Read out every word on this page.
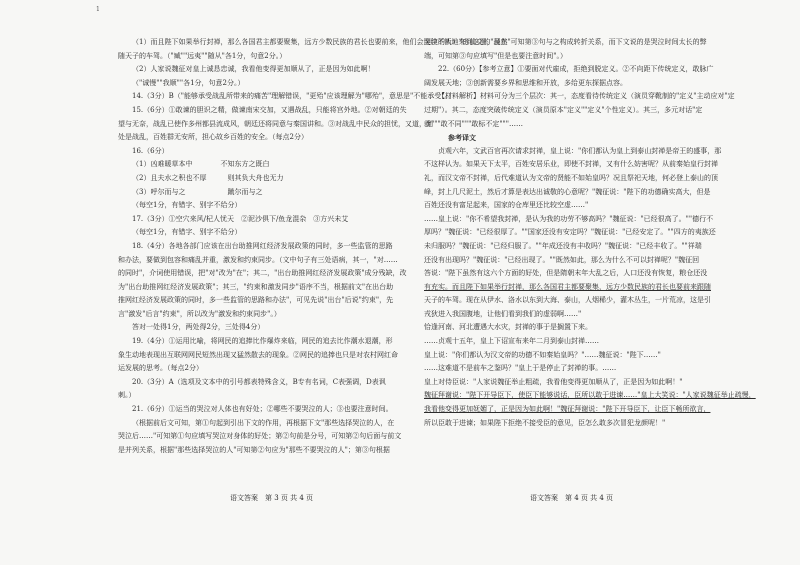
1
（1）而且陛下如果举行封禅，那么各国君主都要聚集，远方少数民族的君长也要前来，他们会连续不断地来到这里，现在
随天子的车驾。（"臧""远夷""随从"各1分，句意2分。）
（2）人家说魏征对皇上诚恳忠诚，我看他变得更加顺从了，正是因为如此啊！
（"诚慢""我顺""各1分，句意2分。）
14.（3分）B（"能够承受战乱所带来的痛苦"理解错误，"更殆"应该理解为"哪殆"，意思是"不能承受"。）
15.（6分）①敢谏的胆识之精，做谏南宋交加，又遇战乱，只能将宫外地。②对朝廷的失
望与无奈，战乱已使作多州都县流成风，朝廷还将同意与秦国讲和。③对战乱中民众的担忧，又道，到
处是战乱，百姓群无安所，担心故乡百姓的安全。（每点2分）
16.（6分）
（1）凶难暖草本中　　　　不知东方之既白
（2）且夫水之积也不厚　　　则其负大舟也无力
（3）呼尔而与之　　　　　　蹴尔而与之
（每空1分，有错字、别字不给分）
17.（3分）①空穴来风/杞人忧天　②泥沙俱下/鱼龙混杂　③方兴未艾
（每空1分，有错字、别字不给分）
18.（4分）各地各部门应该在出台助推网红经济发展政策的同时，多一些监管的思路
和办法，要做到包容和痛乱并重，激发和约束同步。（文中句子有三处语病，其一，"对……
的同时"，介词使用错误，把"对"改为"在"；其二，"出台助推网红经济发展政策"成分残缺，改
为"出台助推网红经济发展政策"；其三，"约束和激发同步"语序不当，根据前文"在出台助
推网红经济发展政策的同时，多一些监管的思路和办法"，可见先说"出台"后说"约束"，先
言"激发"后言"约束"，所以改为"激发和约束同步"。）
答对一处得1分，两处得2分，三处得4分）
19.（4分）①运用比喻，将网民的追捧比作爆炸来临，网民的追去比作潮水退潮，形
象生动地表现出互联网网民短然出现又猛然散去的现象。②网民的追捧也只是对农村网红命
运发展的思考。（每点2分）
20.（3分）A（选项及文本中的引号都表特殊含义，B专有名词，C表强调，D表讽
刺。）
21.（6分）①运当的哭泣对人体也有好处；②哪些不要哭泣的人；③也要注意时间。
（根据前后文可知，第①句起到引出下文的作用，再根据下文"那些选择哭泣的人，在
哭泣后……"可知第①句应填写哭泣对身体的好处；第②句前是分号，可知第②句后面与前文
是并列关系，根据"那些选择哭泣的人"可知第②句应为"那些不要哭泣的人"；第③句根据
哭泣的人）"由前文的"虽然"可知第③句与之构成转折关系，而下文说的是哭泣时间太长的弊
端，可知第③句应填写"但是也要注意时间"。）
22.（60分）【参考立意】①要面对代雇成，拒绝到脱定义。②不向距下传统定义，敢脉广
阔发展天地；③创新需要乡界和思维和开放，多给更东探据点容。
【材料解析】材料可分为三个层次：其一，态度看待传统定义（演员穿靴制的"定义"主动应对"定
过期"）。其二，态度突破传统定义（演员原本"定义""定义"个性定义）。其三，多元对话"定
就"""敢不同"""敢标不定"""……
参考译文
贞观六年，文武百官再次请求封禅，皇上说："你们都认为皇上到泰山封禅是帝王的盛事，那
不这样认为。如果天下太平，百姓安居乐业，即使不封禅，又有什么妨害呢？从前秦始皇行封禅
礼，而汉文帝不封禅，后代难道认为文帝的贤能不如始皇吗？况且祭祀天地，何必登上泰山的顶
峰，封上几尺泥土，然后才算是表达出诚敬的心意呢？"魏征说："陛下的功德确实高大，但是
百姓还没有富足起来，国家的仓库里还比较空虚……"
……皇上说："你不希望我封禅，是认为我的功劳不够高吗？"魏征说："已经很高了。""德行不
厚吗？"魏征说："已经很厚了。""国家还没有安定吗？"魏征说："已经安定了。""四方的夷族还
未归服吗？"魏征说："已经归服了。""年成还没有丰收吗？"魏征说："已经丰收了。""祥瑞
还没有出现吗？"魏征说："已经出现了。""既然如此，那么为什么不可以封禅呢？"魏征回
答说："陛下虽然有这六个方面的好处，但是隋朝末年大乱之后，人口还没有恢复，粮仓还没
有充实。而且陛下如果举行封禅，那么各国君主都要聚集，远方少数民族的君长也要前来跟随
天子的车驾。现在从伊水、洛水以东到大海、泰山，人烟稀少，灌木丛生，一片荒凉，这是引
戎狄进入我国腹地，让他们看到我们的虚弱啊……"
恰逢河南、河北遭遇大水灾，封禅的事于是搁置下来。
……贞观十五年，皇上下诏宣布来年二月到泰山封禅……
皇上说："你们都认为汉文帝的功德不如秦始皇吗？"……魏征说："陛下……"
……这难道不是前车之鉴吗？"皇上于是停止了封禅的事。……
皇上对侍臣说："人家说魏征举止粗疏，我看他变得更加顺从了，正是因为如此啊！"
魏征拜谢说："陛下开导臣下，使臣下能够说话，臣所以敢于进谏……"皇上大笑说："人家说魏征举止疏慢，
我看他变得更加妩媚了，正是因为如此啊！"魏征拜谢说："陛下开导臣下，让臣下畅所欲言，
所以臣敢于进谏；如果陛下拒绝不接受臣的意见，臣怎么敢多次冒犯龙颜呢！"
语文答案　第 3 页 共 4 页	语文答案　第 4 页 共 4 页
